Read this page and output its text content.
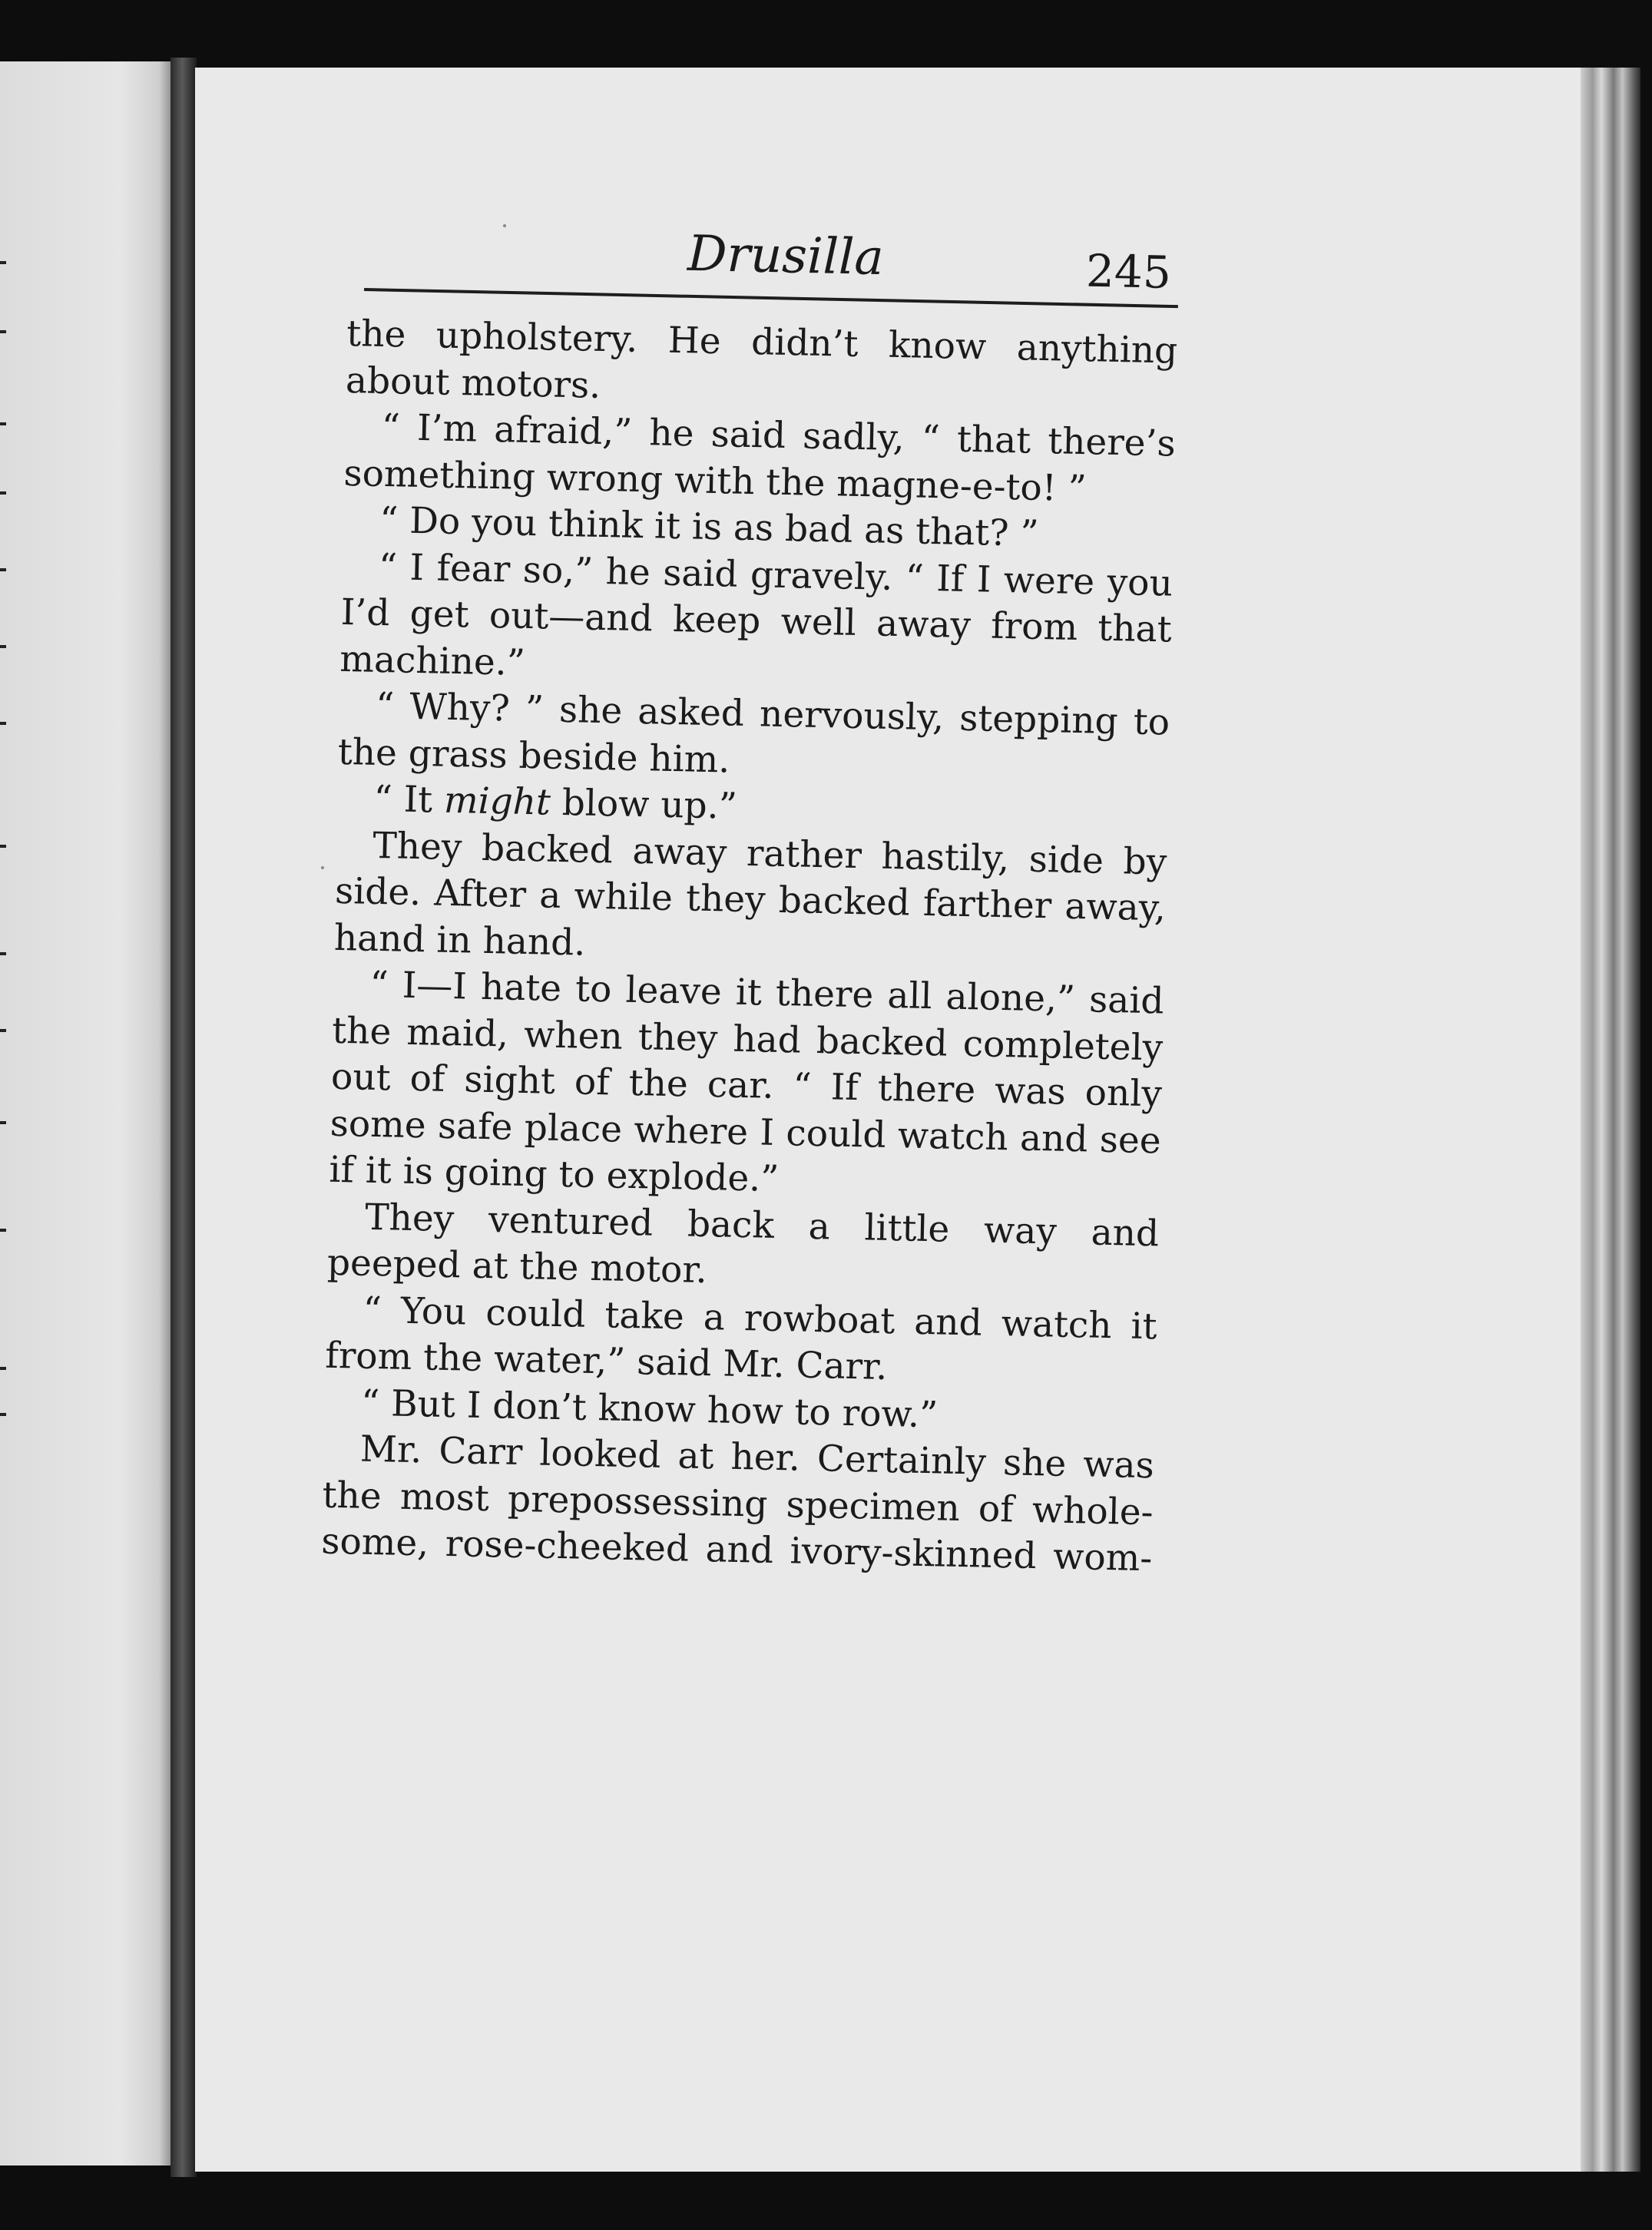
Drusilla	245

the upholstery. He didn’t know anything about motors.

“ I’m afraid,” he said sadly, “ that there’s something wrong with the magne-e-to! ”

“ Do you think it is as bad as that? ”

“ I fear so,” he said gravely. “ If I were you I’d get out—and keep well away from that machine.”

“ Why? ” she asked nervously, stepping to the grass beside him.

“ It might blow up.”

They backed away rather hastily, side by side. After a while they backed farther away, hand in hand.

“ I—I hate to leave it there all alone,” said the maid, when they had backed completely out of sight of the car. “ If there was only some safe place where I could watch and see if it is going to explode.”

They ventured back a little way and peeped at the motor.

“ You could take a rowboat and watch it from the water,” said Mr. Carr.

“ But I don’t know how to row.”

Mr. Carr looked at her. Certainly she was the most prepossessing specimen of whole-some, rose-cheeked and ivory-skinned wom-
